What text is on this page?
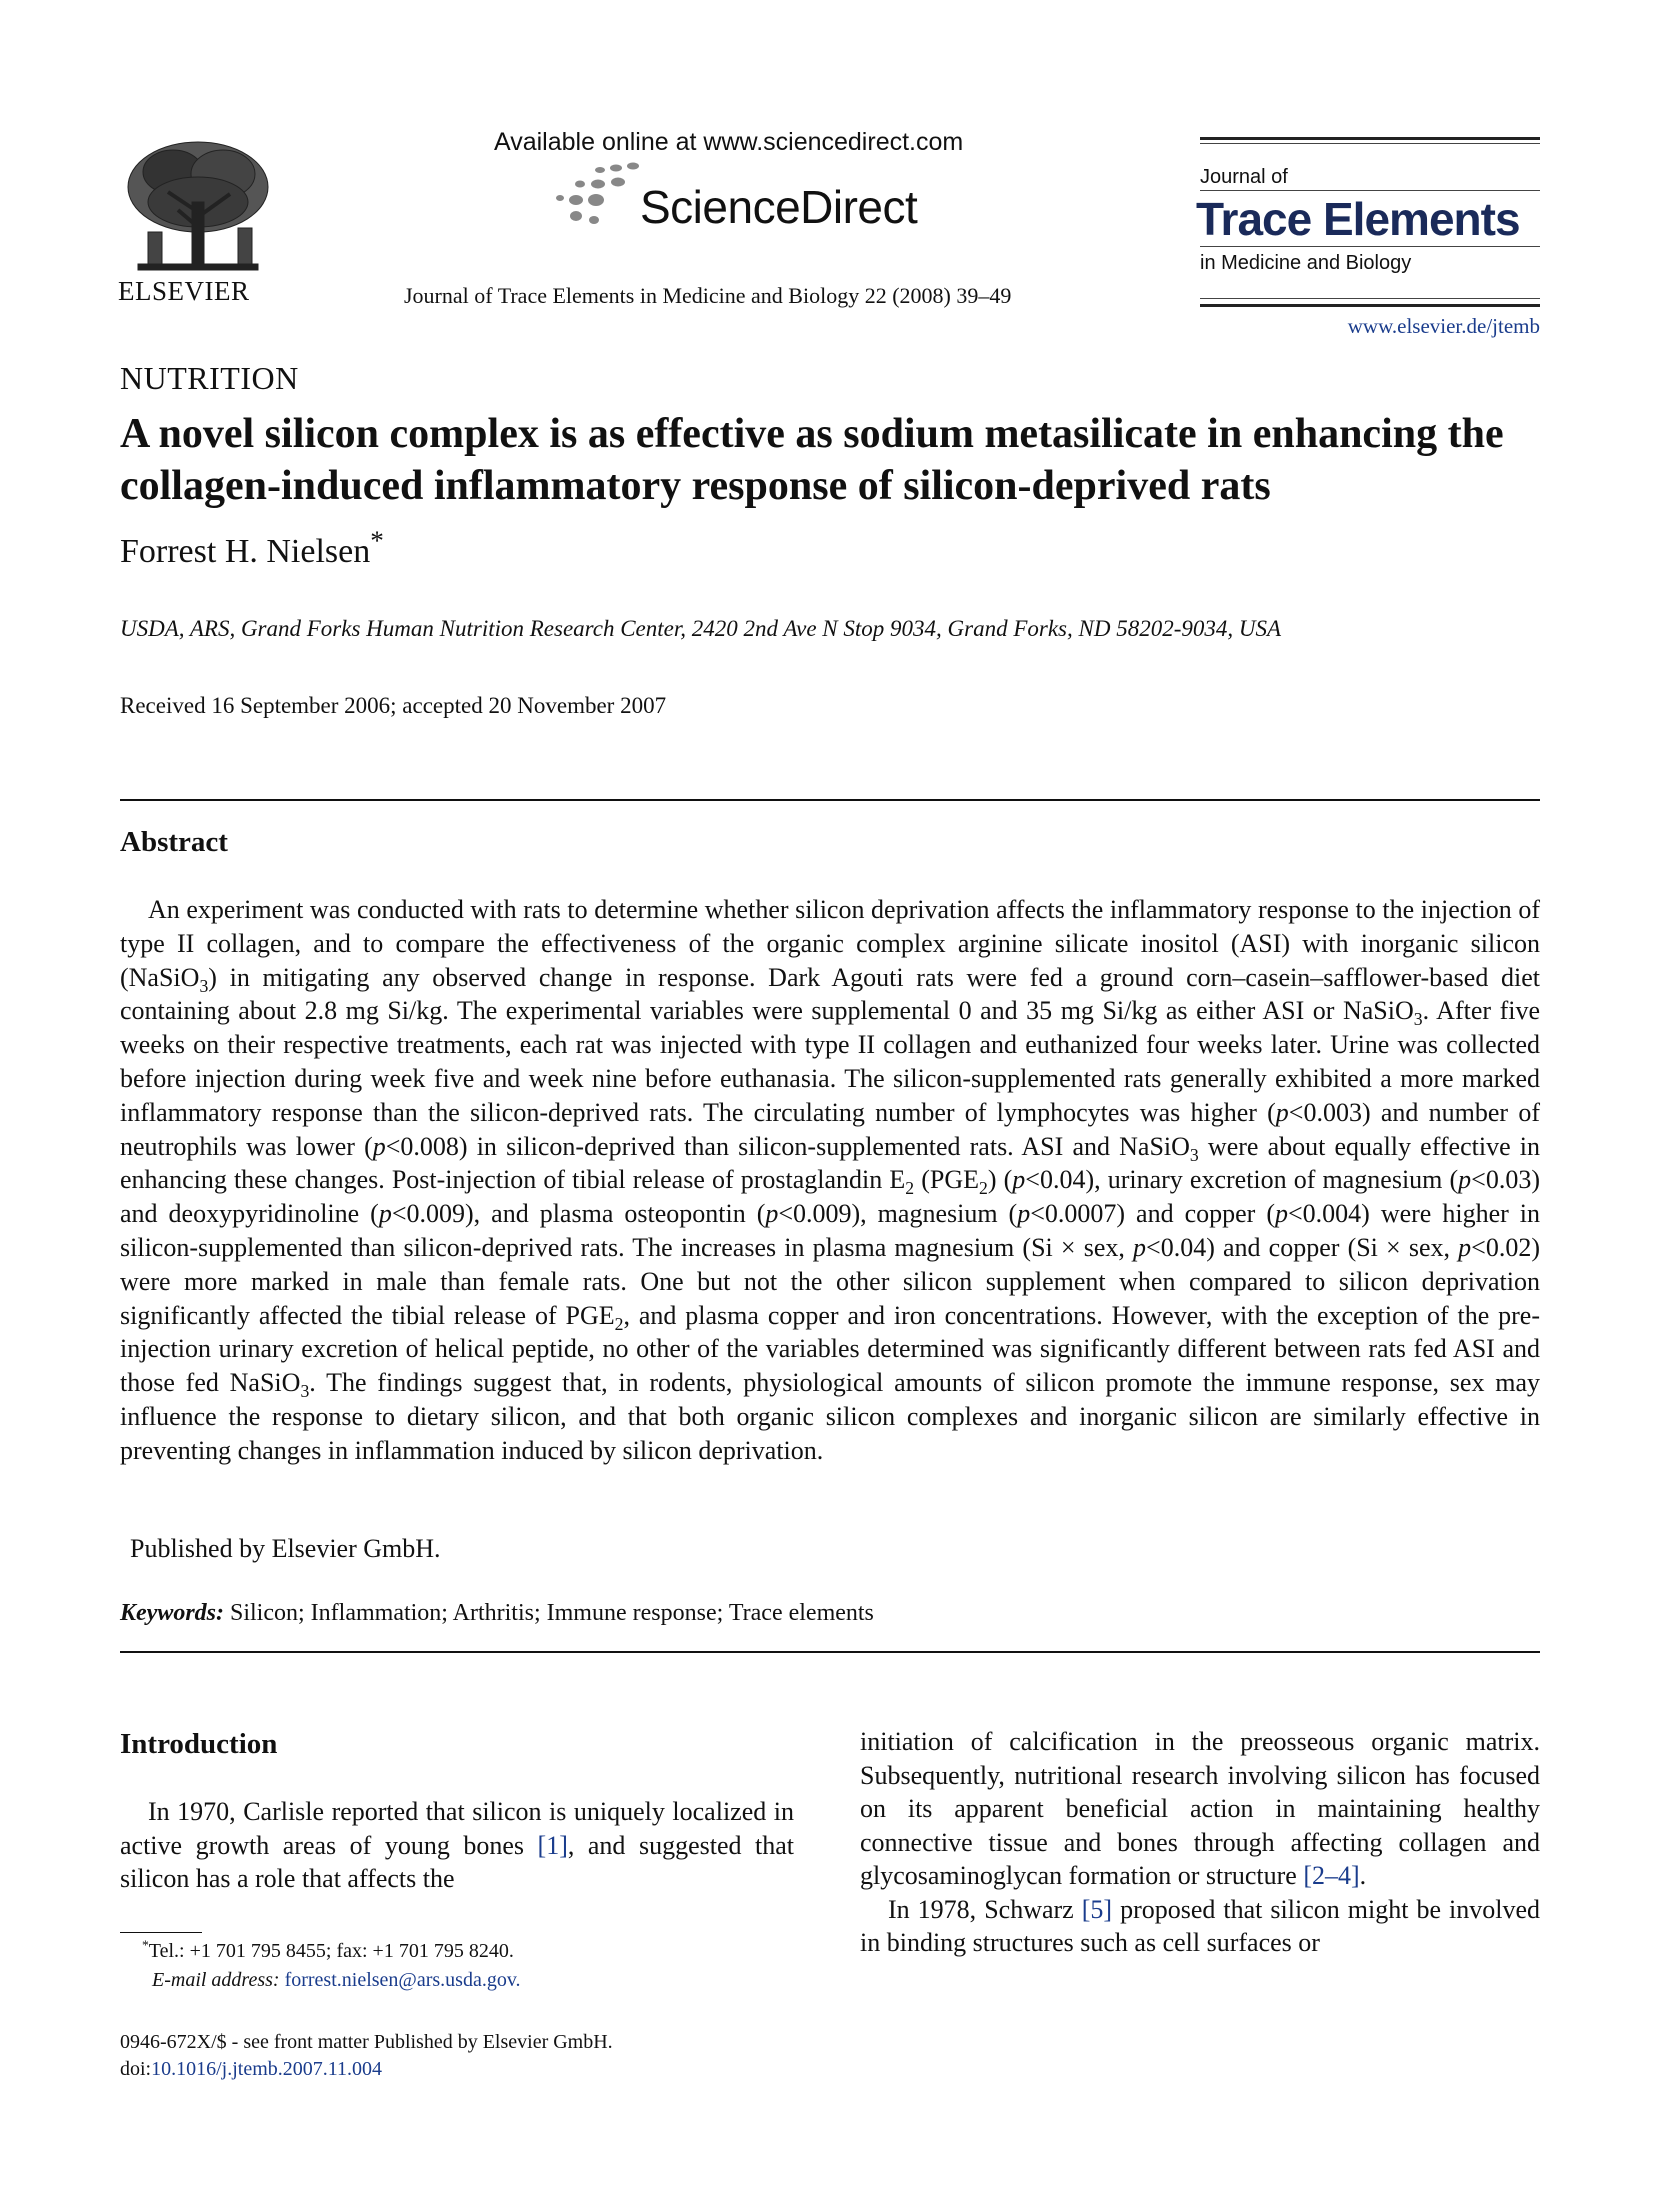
ELSEVIER
Available online at www.sciencedirect.com
ScienceDirect
Journal of Trace Elements in Medicine and Biology 22 (2008) 39–49
Journal of
Trace Elements
in Medicine and Biology
www.elsevier.de/jtemb
NUTRITION
A novel silicon complex is as effective as sodium metasilicate in enhancing the collagen-induced inflammatory response of silicon-deprived rats
Forrest H. Nielsen*
USDA, ARS, Grand Forks Human Nutrition Research Center, 2420 2nd Ave N Stop 9034, Grand Forks, ND 58202-9034, USA
Received 16 September 2006; accepted 20 November 2007
Abstract

An experiment was conducted with rats to determine whether silicon deprivation affects the inflammatory response to the injection of type II collagen, and to compare the effectiveness of the organic complex arginine silicate inositol (ASI) with inorganic silicon (NaSiO$_3$) in mitigating any observed change in response. Dark Agouti rats were fed a ground corn–casein–safflower-based diet containing about 2.8 mg Si/kg. The experimental variables were supplemental 0 and 35 mg Si/kg as either ASI or NaSiO$_3$. After five weeks on their respective treatments, each rat was injected with type II collagen and euthanized four weeks later. Urine was collected before injection during week five and week nine before euthanasia. The silicon-supplemented rats generally exhibited a more marked inflammatory response than the silicon-deprived rats. The circulating number of lymphocytes was higher (p<0.003) and number of neutrophils was lower (p<0.008) in silicon-deprived than silicon-supplemented rats. ASI and NaSiO$_3$ were about equally effective in enhancing these changes. Post-injection of tibial release of prostaglandin $E_2$ $(PGE_2)$ (p<0.04), urinary excretion of magnesium (p<0.03) and deoxypyridinoline (p<0.009), and plasma osteopontin (p<0.009), magnesium (p<0.0007) and copper (p<0.004) were higher in silicon-supplemented than silicon-deprived rats. The increases in plasma magnesium (Si × sex, p<0.04) and copper (Si × sex, p<0.02) were more marked in male than female rats. One but not the other silicon supplement when compared to silicon deprivation significantly affected the tibial release of $PGE_2$, and plasma copper and iron concentrations. However, with the exception of the pre-injection urinary excretion of helical peptide, no other of the variables determined was significantly different between rats fed ASI and those fed NaSiO$_3$. The findings suggest that, in rodents, physiological amounts of silicon promote the immune response, sex may influence the response to dietary silicon, and that both organic silicon complexes and inorganic silicon are similarly effective in preventing changes in inflammation induced by silicon deprivation.

Published by Elsevier GmbH.
Keywords: Silicon; Inflammation; Arthritis; Immune response; Trace elements
Introduction

In 1970, Carlisle reported that silicon is uniquely localized in active growth areas of young bones [1], and suggested that silicon has a role that affects the

initiation of calcification in the preosseous organic matrix. Subsequently, nutritional research involving silicon has focused on its apparent beneficial action in maintaining healthy connective tissue and bones through affecting collagen and glycosaminoglycan formation or structure [2–4].

In 1978, Schwarz [5] proposed that silicon might be involved in binding structures such as cell surfaces or

*Tel.: +1 701 795 8455; fax: +1 701 795 8240.
E-mail address: forrest.nielsen@ars.usda.gov.
0946-672X/$ - see front matter Published by Elsevier GmbH.
doi:10.1016/j.jtemb.2007.11.004
